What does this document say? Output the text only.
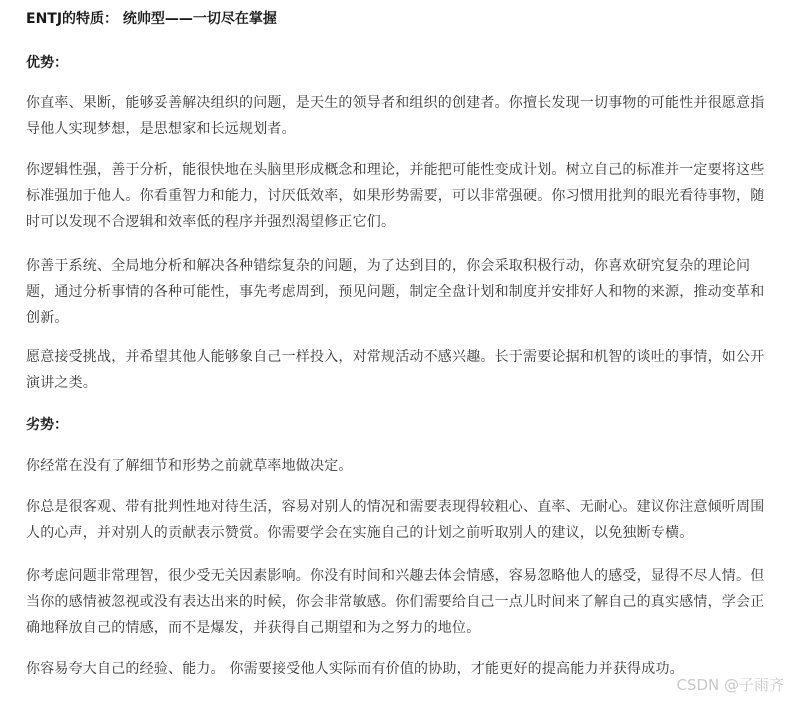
ENTJ的特质： 统帅型——一切尽在掌握
优势：

你直率、果断，能够妥善解决组织的问题，是天生的领导者和组织的创建者。你擅长发现一切事物的可能性并很愿意指导他人实现梦想，是思想家和长远规划者。

你逻辑性强，善于分析，能很快地在头脑里形成概念和理论，并能把可能性变成计划。树立自己的标准并一定要将这些标准强加于他人。你看重智力和能力，讨厌低效率，如果形势需要，可以非常强硬。你习惯用批判的眼光看待事物，随时可以发现不合逻辑和效率低的程序并强烈渴望修正它们。

你善于系统、全局地分析和解决各种错综复杂的问题，为了达到目的，你会采取积极行动，你喜欢研究复杂的理论问题，通过分析事情的各种可能性，事先考虑周到，预见问题，制定全盘计划和制度并安排好人和物的来源，推动变革和创新。

愿意接受挑战，并希望其他人能够象自己一样投入，对常规活动不感兴趣。长于需要论据和机智的谈吐的事情，如公开演讲之类。

劣势：

你经常在没有了解细节和形势之前就草率地做决定。

你总是很客观、带有批判性地对待生活，容易对别人的情况和需要表现得较粗心、直率、无耐心。建议你注意倾听周围人的心声，并对别人的贡献表示赞赏。你需要学会在实施自己的计划之前听取别人的建议，以免独断专横。

你考虑问题非常理智，很少受无关因素影响。你没有时间和兴趣去体会情感，容易忽略他人的感受，显得不尽人情。但当你的感情被忽视或没有表达出来的时候，你会非常敏感。你们需要给自己一点儿时间来了解自己的真实感情，学会正确地释放自己的情感，而不是爆发，并获得自己期望和为之努力的地位。

你容易夸大自己的经验、能力。 你需要接受他人实际而有价值的协助，才能更好的提高能力并获得成功。

CSDN @子雨齐
